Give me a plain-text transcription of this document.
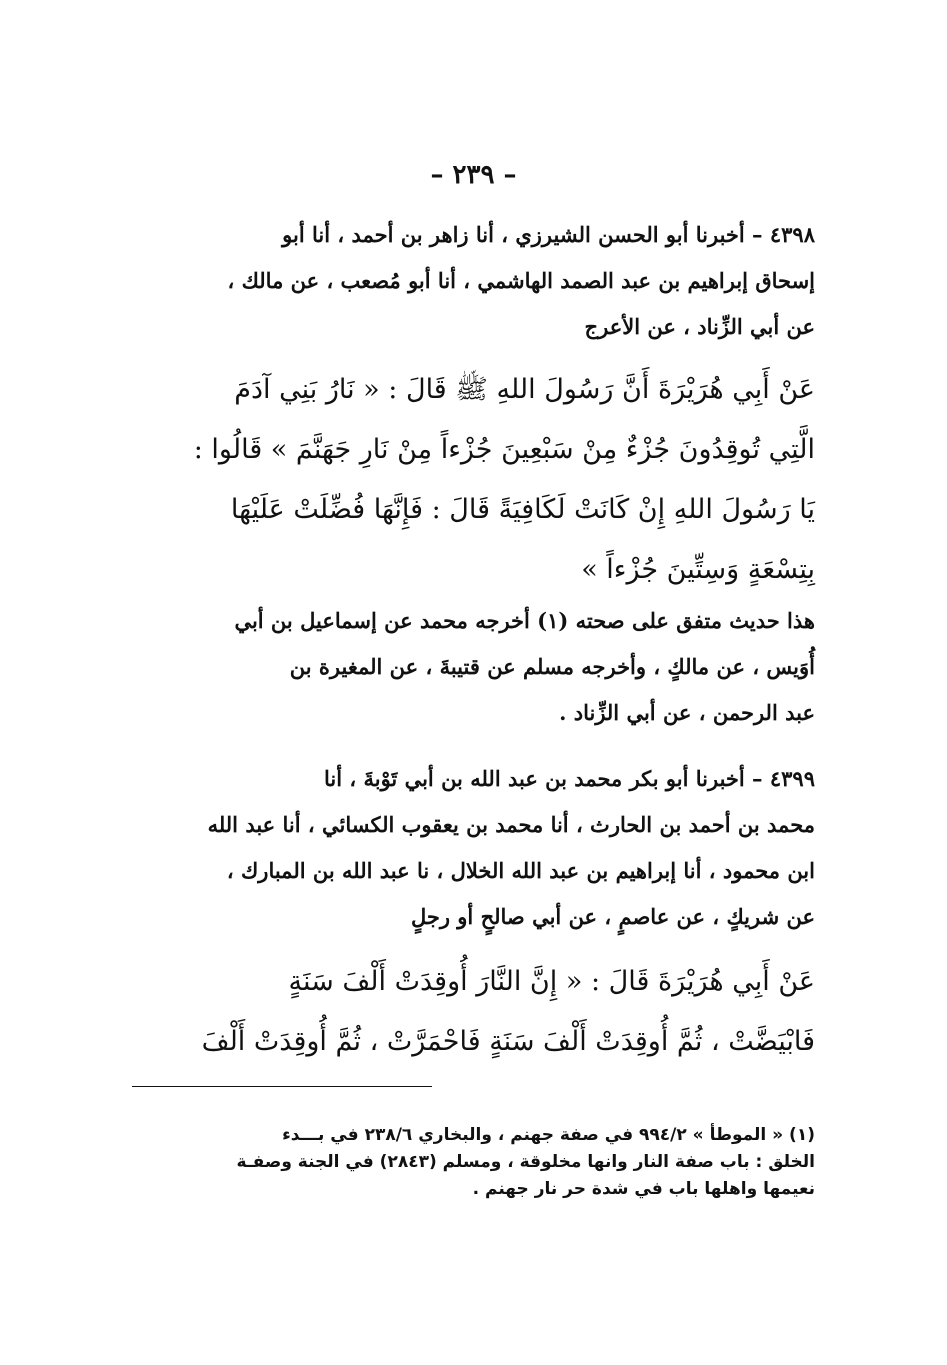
– ٢٣٩ –
٤٣٩٨ – أخبرنا أبو الحسن الشيرزي ، أنا زاهر بن أحمد ، أنا أبو
إسحاق إبراهيم بن عبد الصمد الهاشمي ، أنا أبو مُصعب ، عن مالك ،
عن أبي الزِّناد ، عن الأعرج
عَنْ أَبِي هُرَيْرَةَ أَنَّ رَسُولَ اللهِ ﷺ قَالَ : « نَارُ بَنِي آدَمَ
الَّتِي تُوقِدُونَ جُزْءٌ مِنْ سَبْعِينَ جُزْءاً مِنْ نَارِ جَهَنَّمَ » قَالُوا :
يَا رَسُولَ اللهِ إِنْ كَانَتْ لَكَافِيَةً قَالَ : فَإِنَّهَا فُضِّلَتْ عَلَيْهَا
بِتِسْعَةٍ وَسِتِّينَ جُزْءاً »
هذا حديث متفق على صحته (١) أخرجه محمد عن إسماعيل بن أبي
أُوَيس ، عن مالكٍ ، وأخرجه مسلم عن قتيبةَ ، عن المغيرة بن
عبد الرحمن ، عن أبي الزِّناد .
٤٣٩٩ – أخبرنا أبو بكر محمد بن عبد الله بن أبي تَوْبةَ ، أنا
محمد بن أحمد بن الحارث ، أنا محمد بن يعقوب الكسائي ، أنا عبد الله
ابن محمود ، أنا إبراهيم بن عبد الله الخلال ، نا عبد الله بن المبارك ،
عن شريكٍ ، عن عاصمٍ ، عن أبي صالحٍ أو رجلٍ
عَنْ أَبِي هُرَيْرَةَ قَالَ : « إِنَّ النَّارَ أُوقِدَتْ أَلْفَ سَنَةٍ
فَابْيَضَّتْ ، ثُمَّ أُوقِدَتْ أَلْفَ سَنَةٍ فَاحْمَرَّتْ ، ثُمَّ أُوقِدَتْ أَلْفَ
(١) « الموطأ » ٩٩٤/٢ في صفة جهنم ، والبخاري ٢٣٨/٦ في بـــدء
الخلق : باب صفة النار وانها مخلوقة ، ومسلم (٢٨٤٣) في الجنة وصفـة
نعيمها واهلها باب في شدة حر نار جهنم .
